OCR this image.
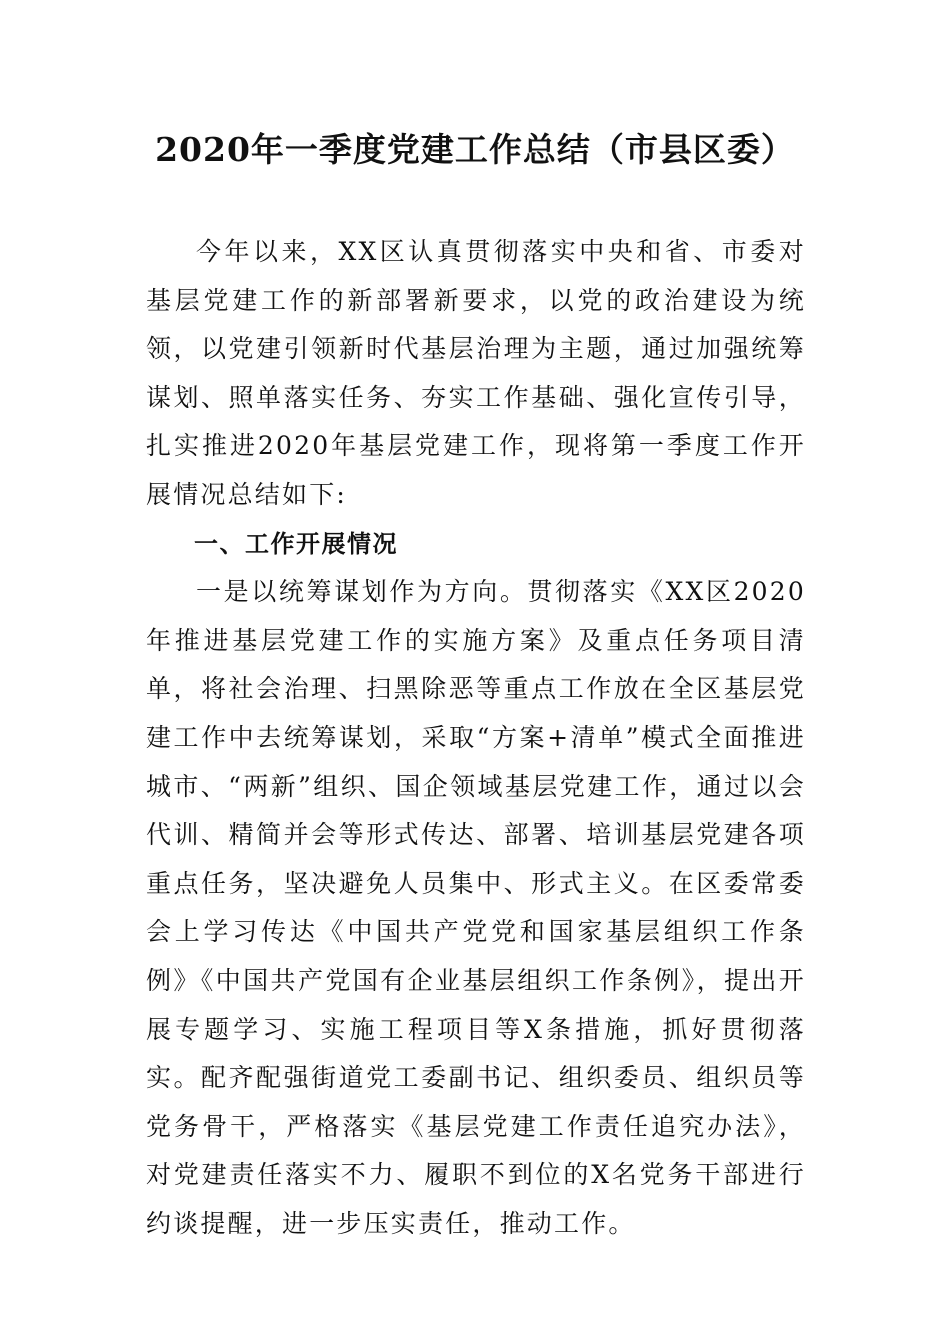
2020年一季度党建工作总结（市县区委）

今年以来，XX区认真贯彻落实中央和省、市委对基层党建工作的新部署新要求，以党的政治建设为统领，以党建引领新时代基层治理为主题，通过加强统筹谋划、照单落实任务、夯实工作基础、强化宣传引导，扎实推进2020年基层党建工作，现将第一季度工作开展情况总结如下:

一、工作开展情况

一是以统筹谋划作为方向。贯彻落实《XX区2020年推进基层党建工作的实施方案》及重点任务项目清单，将社会治理、扫黑除恶等重点工作放在全区基层党建工作中去统筹谋划，采取“方案+清单”模式全面推进城市、“两新”组织、国企领域基层党建工作，通过以会代训、精简并会等形式传达、部署、培训基层党建各项重点任务，坚决避免人员集中、形式主义。在区委常委会上学习传达《中国共产党党和国家基层组织工作条例》《中国共产党国有企业基层组织工作条例》，提出开展专题学习、实施工程项目等X条措施，抓好贯彻落实。配齐配强街道党工委副书记、组织委员、组织员等党务骨干，严格落实《基层党建工作责任追究办法》，对党建责任落实不力、履职不到位的X名党务干部进行约谈提醒，进一步压实责任，推动工作。
